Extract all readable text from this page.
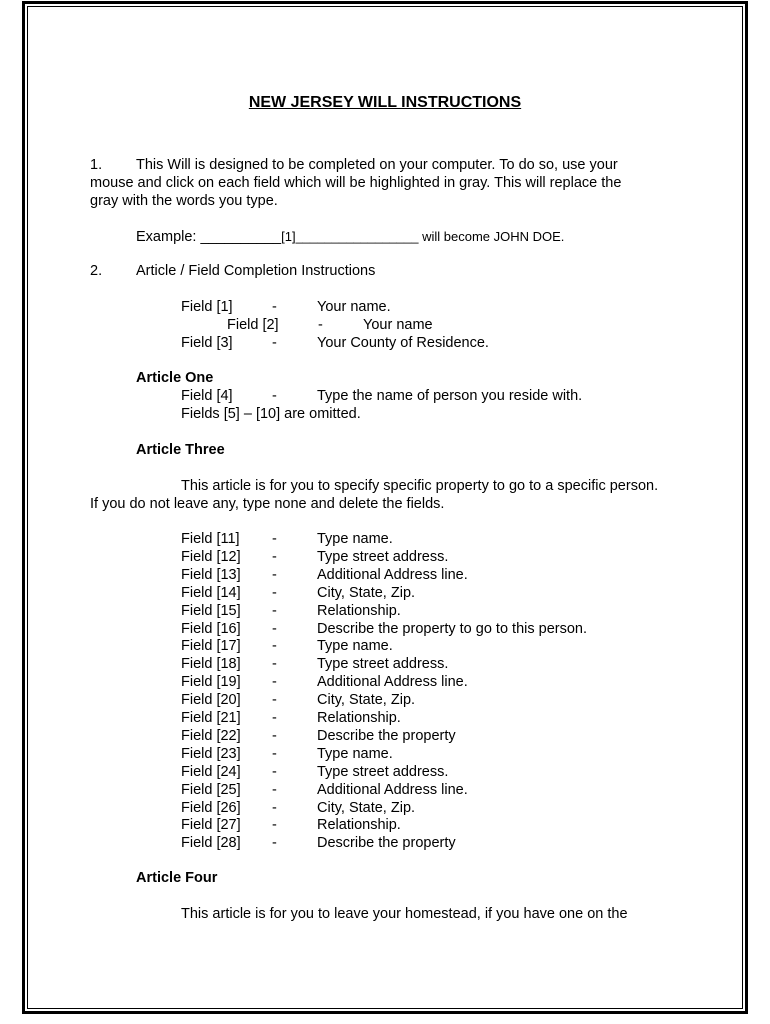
NEW JERSEY WILL INSTRUCTIONS
1. This Will is designed to be completed on your computer. To do so, use your
mouse and click on each field which will be highlighted in gray. This will replace the
gray with the words you type.
Example: __________[1]_________________ will become JOHN DOE.
2. Article / Field Completion Instructions
Field [1]	-	Your name.
Field [2]	-	Your name
Field [3]	-	Your County of Residence.
Article One
Field [4]	-	Type the name of person you reside with.
Fields [5] – [10] are omitted.
Article Three
This article is for you to specify specific property to go to a specific person.
If you do not leave any, type none and delete the fields.
Field [11] -	Type name.
Field [12] -	Type street address.
Field [13] -	Additional Address line.
Field [14] -	City, State, Zip.
Field [15] -	Relationship.
Field [16] -	Describe the property to go to this person.
Field [17] -	Type name.
Field [18] -	Type street address.
Field [19] -	Additional Address line.
Field [20] -	City, State, Zip.
Field [21] -	Relationship.
Field [22] -	Describe the property
Field [23] -	Type name.
Field [24] -	Type street address.
Field [25] -	Additional Address line.
Field [26] -	City, State, Zip.
Field [27] -	Relationship.
Field [28] -	Describe the property
Article Four
This article is for you to leave your homestead, if you have one on the
